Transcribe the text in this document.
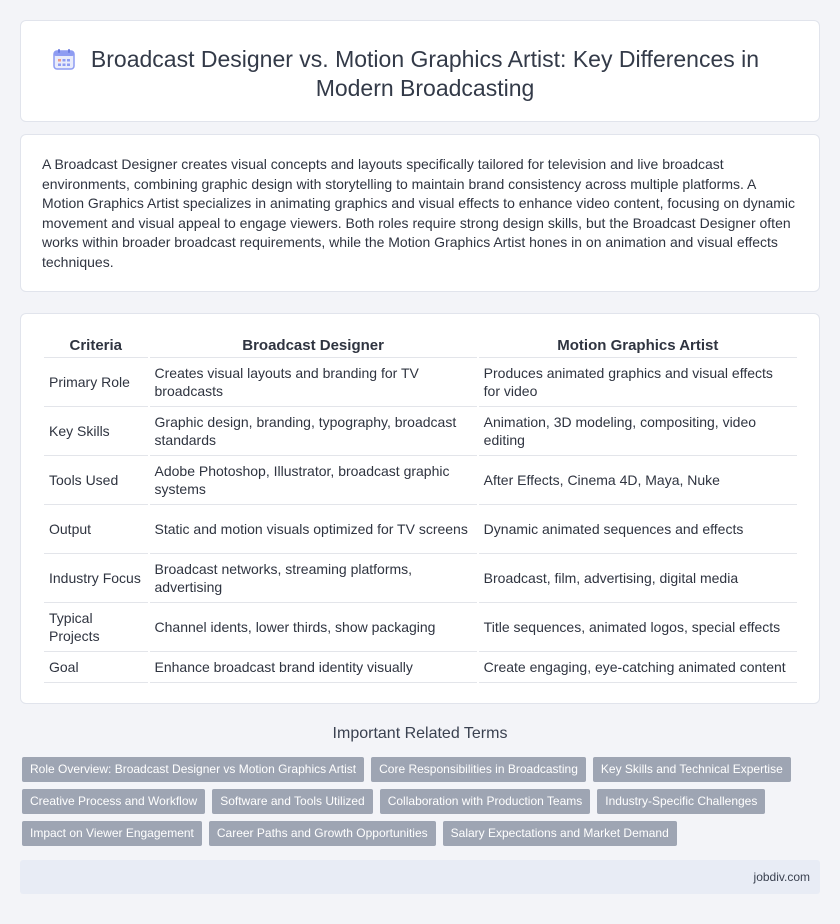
Broadcast Designer vs. Motion Graphics Artist: Key Differences in Modern Broadcasting

A Broadcast Designer creates visual concepts and layouts specifically tailored for television and live broadcast environments, combining graphic design with storytelling to maintain brand consistency across multiple platforms. A Motion Graphics Artist specializes in animating graphics and visual effects to enhance video content, focusing on dynamic movement and visual appeal to engage viewers. Both roles require strong design skills, but the Broadcast Designer often works within broader broadcast requirements, while the Motion Graphics Artist hones in on animation and visual effects techniques.

Criteria	Broadcast Designer	Motion Graphics Artist
Primary Role	Creates visual layouts and branding for TV broadcasts	Produces animated graphics and visual effects for video
Key Skills	Graphic design, branding, typography, broadcast standards	Animation, 3D modeling, compositing, video editing
Tools Used	Adobe Photoshop, Illustrator, broadcast graphic systems	After Effects, Cinema 4D, Maya, Nuke
Output	Static and motion visuals optimized for TV screens	Dynamic animated sequences and effects
Industry Focus	Broadcast networks, streaming platforms, advertising	Broadcast, film, advertising, digital media
Typical Projects	Channel idents, lower thirds, show packaging	Title sequences, animated logos, special effects
Goal	Enhance broadcast brand identity visually	Create engaging, eye-catching animated content
Important Related Terms
Role Overview: Broadcast Designer vs Motion Graphics Artist	Core Responsibilities in Broadcasting	Key Skills and Technical Expertise
Creative Process and Workflow	Software and Tools Utilized	Collaboration with Production Teams	Industry-Specific Challenges
Impact on Viewer Engagement	Career Paths and Growth Opportunities	Salary Expectations and Market Demand
jobdiv.com
